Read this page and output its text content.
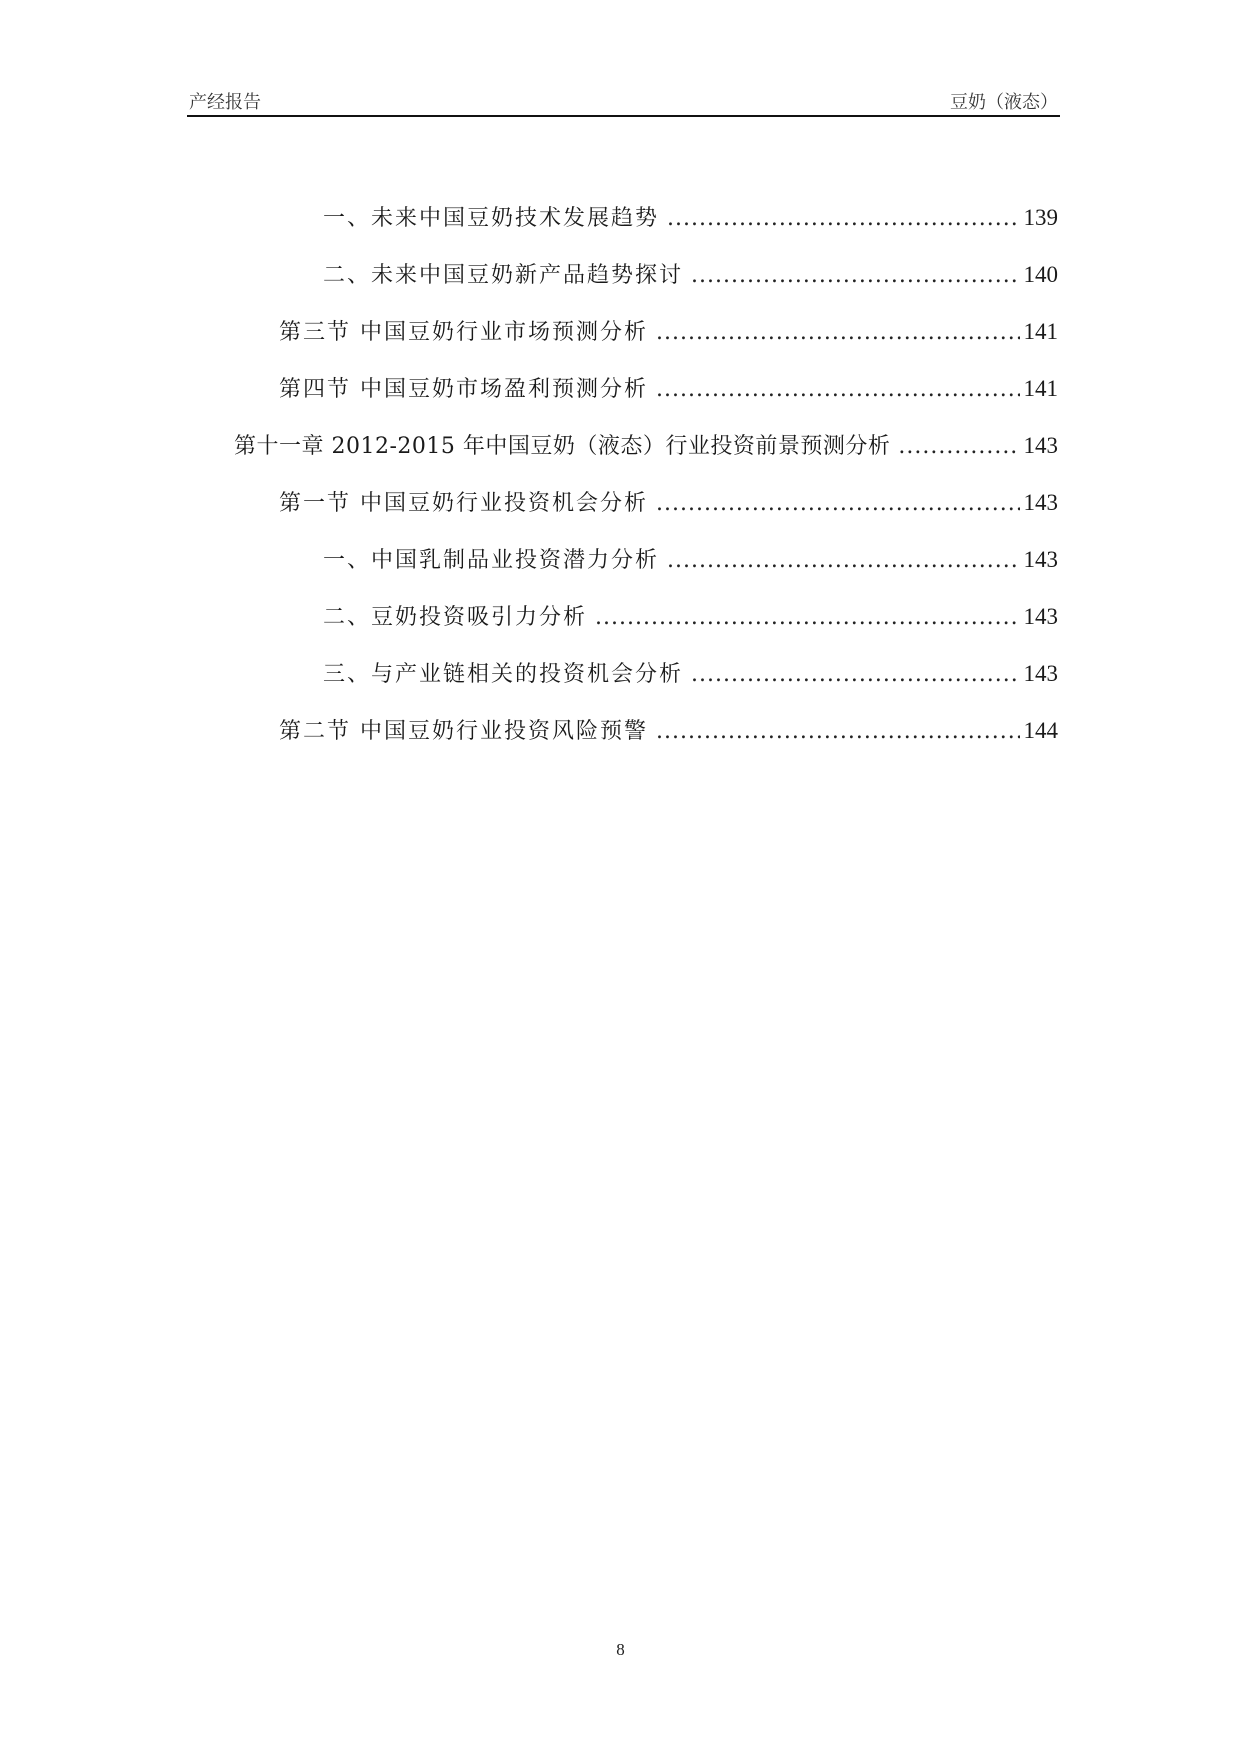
产经报告	豆奶（液态）
一、未来中国豆奶技术发展趋势 .....	139
二、未来中国豆奶新产品趋势探讨 .....	140
第三节 中国豆奶行业市场预测分析 .....	141
第四节 中国豆奶市场盈利预测分析 .....	141
第十一章 2012-2015 年中国豆奶（液态）行业投资前景预测分析 .....	143
第一节 中国豆奶行业投资机会分析 .....	143
一、中国乳制品业投资潜力分析 .....	143
二、豆奶投资吸引力分析 .....	143
三、与产业链相关的投资机会分析 .....	143
第二节 中国豆奶行业投资风险预警 .....	144
8
